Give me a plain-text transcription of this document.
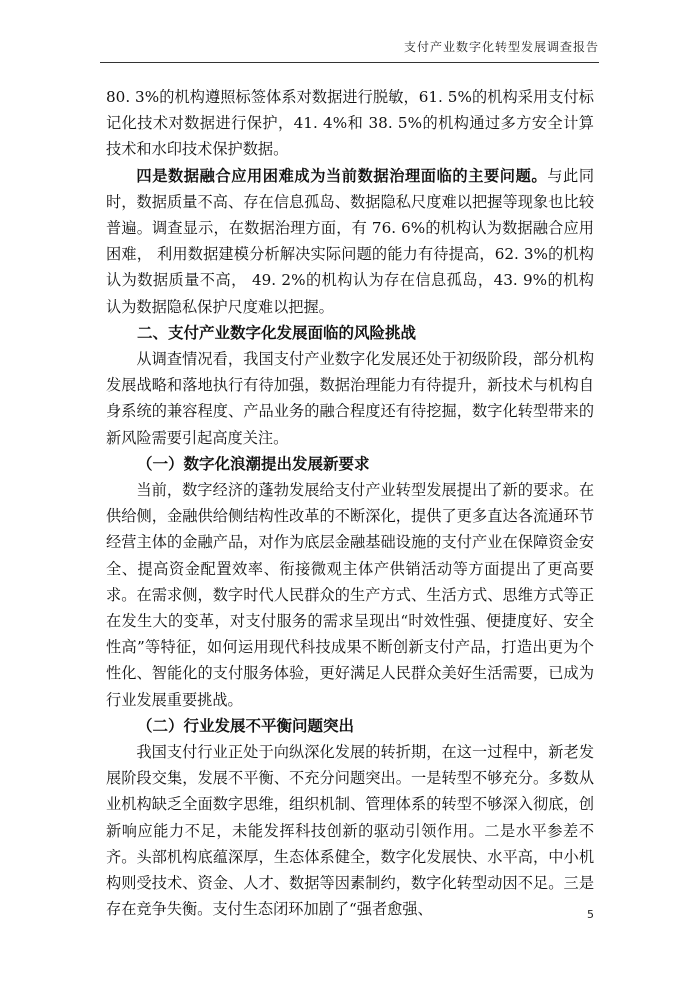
支付产业数字化转型发展调查报告

80. 3%的机构遵照标签体系对数据进行脱敏，61. 5%的机构采用支付标记化技术对数据进行保护，41. 4%和 38. 5%的机构通过多方安全计算技术和水印技术保护数据。

四是数据融合应用困难成为当前数据治理面临的主要问题。与此同时，数据质量不高、存在信息孤岛、数据隐私尺度难以把握等现象也比较普遍。调查显示，在数据治理方面，有 76. 6%的机构认为数据融合应用困难， 利用数据建模分析解决实际问题的能力有待提高，62. 3%的机构认为数据质量不高， 49. 2%的机构认为存在信息孤岛，43. 9%的机构认为数据隐私保护尺度难以把握。

二、支付产业数字化发展面临的风险挑战

从调查情况看，我国支付产业数字化发展还处于初级阶段，部分机构发展战略和落地执行有待加强，数据治理能力有待提升，新技术与机构自身系统的兼容程度、产品业务的融合程度还有待挖掘，数字化转型带来的新风险需要引起高度关注。

（一）数字化浪潮提出发展新要求

当前，数字经济的蓬勃发展给支付产业转型发展提出了新的要求。在供给侧，金融供给侧结构性改革的不断深化，提供了更多直达各流通环节经营主体的金融产品，对作为底层金融基础设施的支付产业在保障资金安全、提高资金配置效率、衔接微观主体产供销活动等方面提出了更高要求。在需求侧，数字时代人民群众的生产方式、生活方式、思维方式等正在发生大的变革，对支付服务的需求呈现出“时效性强、便捷度好、安全性高”等特征，如何运用现代科技成果不断创新支付产品，打造出更为个性化、智能化的支付服务体验，更好满足人民群众美好生活需要，已成为行业发展重要挑战。

（二）行业发展不平衡问题突出

我国支付行业正处于向纵深化发展的转折期，在这一过程中，新老发展阶段交集，发展不平衡、不充分问题突出。一是转型不够充分。多数从业机构缺乏全面数字思维，组织机制、管理体系的转型不够深入彻底，创新响应能力不足，未能发挥科技创新的驱动引领作用。二是水平参差不齐。头部机构底蕴深厚，生态体系健全，数字化发展快、水平高，中小机构则受技术、资金、人才、数据等因素制约，数字化转型动因不足。三是存在竞争失衡。支付生态闭环加剧了“强者愈强、	5
